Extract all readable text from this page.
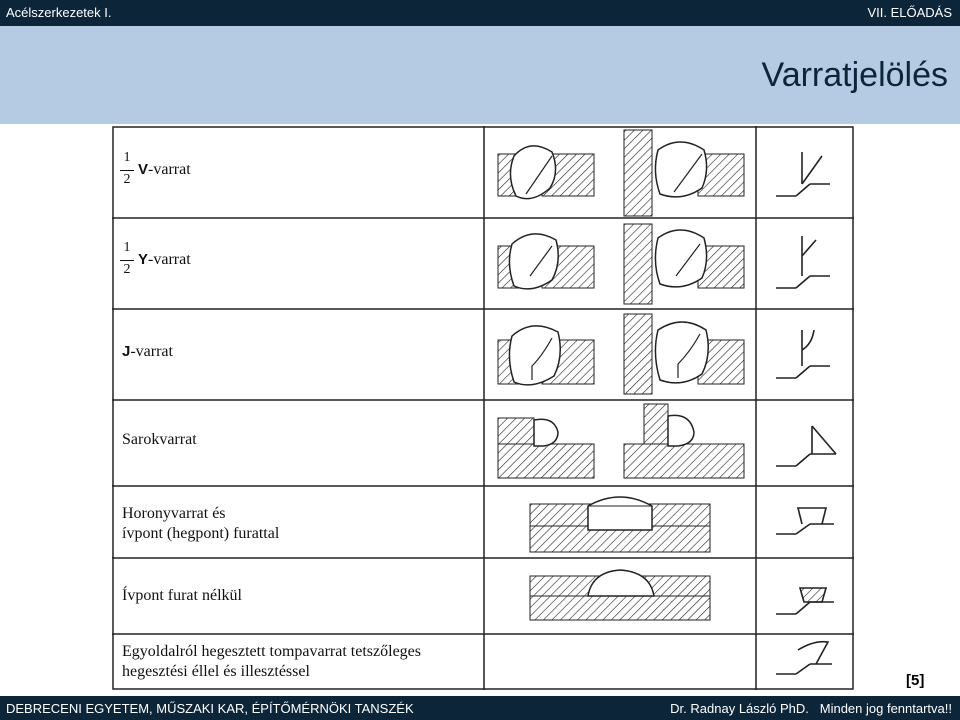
Acélszerkezetek I.	VII. ELŐADÁS
Varratjelölés
1
2
V-varrat
1
2
Y-varrat
J-varrat
Sarokvarrat
Horonyvarrat és
ívpont (hegpont) furattal
Ívpont furat nélkül
Egyoldalról hegesztett tompavarrat tetszőleges
hegesztési éllel és illesztéssel
[5]
DEBRECENI EGYETEM, MŰSZAKI KAR, ÉPÍTŐMÉRNÖKI TANSZÉK	Dr. Radnay László PhD. Minden jog fenntartva!!
